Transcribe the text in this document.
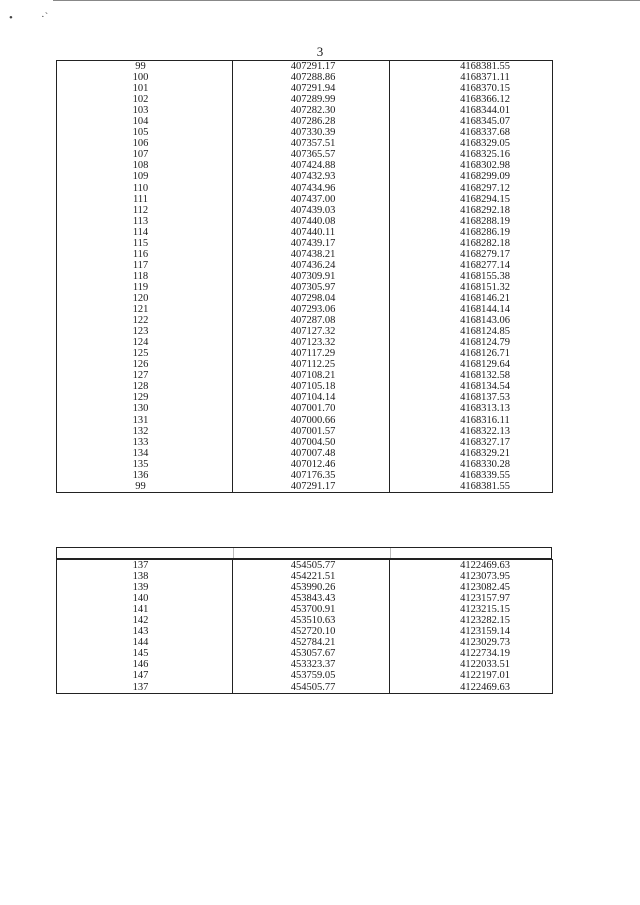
•	·`
3
99	407291.17	4168381.55
100	407288.86	4168371.11
101	407291.94	4168370.15
102	407289.99	4168366.12
103	407282.30	4168344.01
104	407286.28	4168345.07
105	407330.39	4168337.68
106	407357.51	4168329.05
107	407365.57	4168325.16
108	407424.88	4168302.98
109	407432.93	4168299.09
110	407434.96	4168297.12
111	407437.00	4168294.15
112	407439.03	4168292.18
113	407440.08	4168288.19
114	407440.11	4168286.19
115	407439.17	4168282.18
116	407438.21	4168279.17
117	407436.24	4168277.14
118	407309.91	4168155.38
119	407305.97	4168151.32
120	407298.04	4168146.21
121	407293.06	4168144.14
122	407287.08	4168143.06
123	407127.32	4168124.85
124	407123.32	4168124.79
125	407117.29	4168126.71
126	407112.25	4168129.64
127	407108.21	4168132.58
128	407105.18	4168134.54
129	407104.14	4168137.53
130	407001.70	4168313.13
131	407000.66	4168316.11
132	407001.57	4168322.13
133	407004.50	4168327.17
134	407007.48	4168329.21
135	407012.46	4168330.28
136	407176.35	4168339.55
99	407291.17	4168381.55
137	454505.77	4122469.63
138	454221.51	4123073.95
139	453990.26	4123082.45
140	453843.43	4123157.97
141	453700.91	4123215.15
142	453510.63	4123282.15
143	452720.10	4123159.14
144	452784.21	4123029.73
145	453057.67	4122734.19
146	453323.37	4122033.51
147	453759.05	4122197.01
137	454505.77	4122469.63
